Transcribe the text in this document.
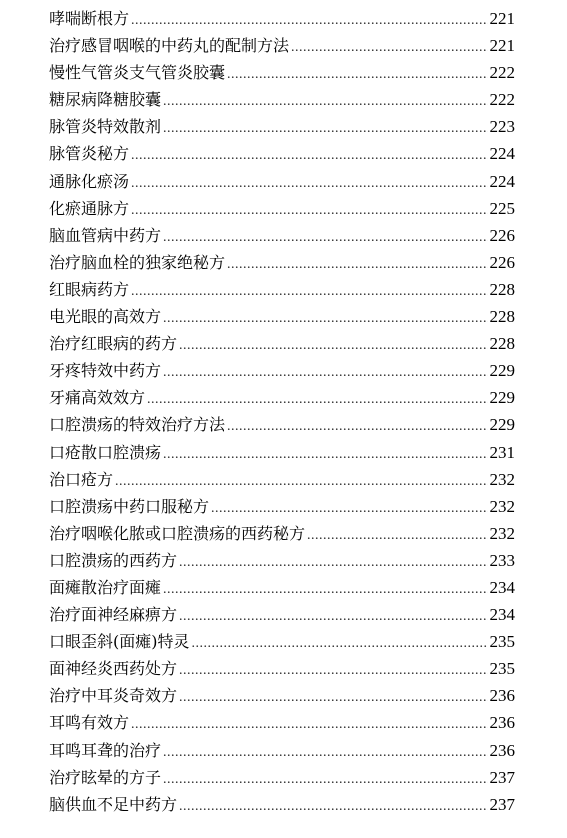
哮喘断根方 .....	221
治疗感冒咽喉的中药丸的配制方法 .....	221
慢性气管炎支气管炎胶囊 .....	222
糖尿病降糖胶囊 .....	222
脉管炎特效散剂 .....	223
脉管炎秘方 .....	224
通脉化瘀汤 .....	224
化瘀通脉方 .....	225
脑血管病中药方 .....	226
治疗脑血栓的独家绝秘方 .....	226
红眼病药方 .....	228
电光眼的高效方 .....	228
治疗红眼病的药方 .....	228
牙疼特效中药方 .....	229
牙痛高效效方 .....	229
口腔溃疡的特效治疗方法 .....	229
口疮散口腔溃疡 .....	231
治口疮方 .....	232
口腔溃疡中药口服秘方 .....	232
治疗咽喉化脓或口腔溃疡的西药秘方 .....	232
口腔溃疡的西药方 .....	233
面瘫散治疗面瘫 .....	234
治疗面神经麻痹方 .....	234
口眼歪斜(面瘫)特灵 .....	235
面神经炎西药处方 .....	235
治疗中耳炎奇效方 .....	236
耳鸣有效方 .....	236
耳鸣耳聋的治疗 .....	236
治疗眩晕的方子 .....	237
脑供血不足中药方 .....	237
